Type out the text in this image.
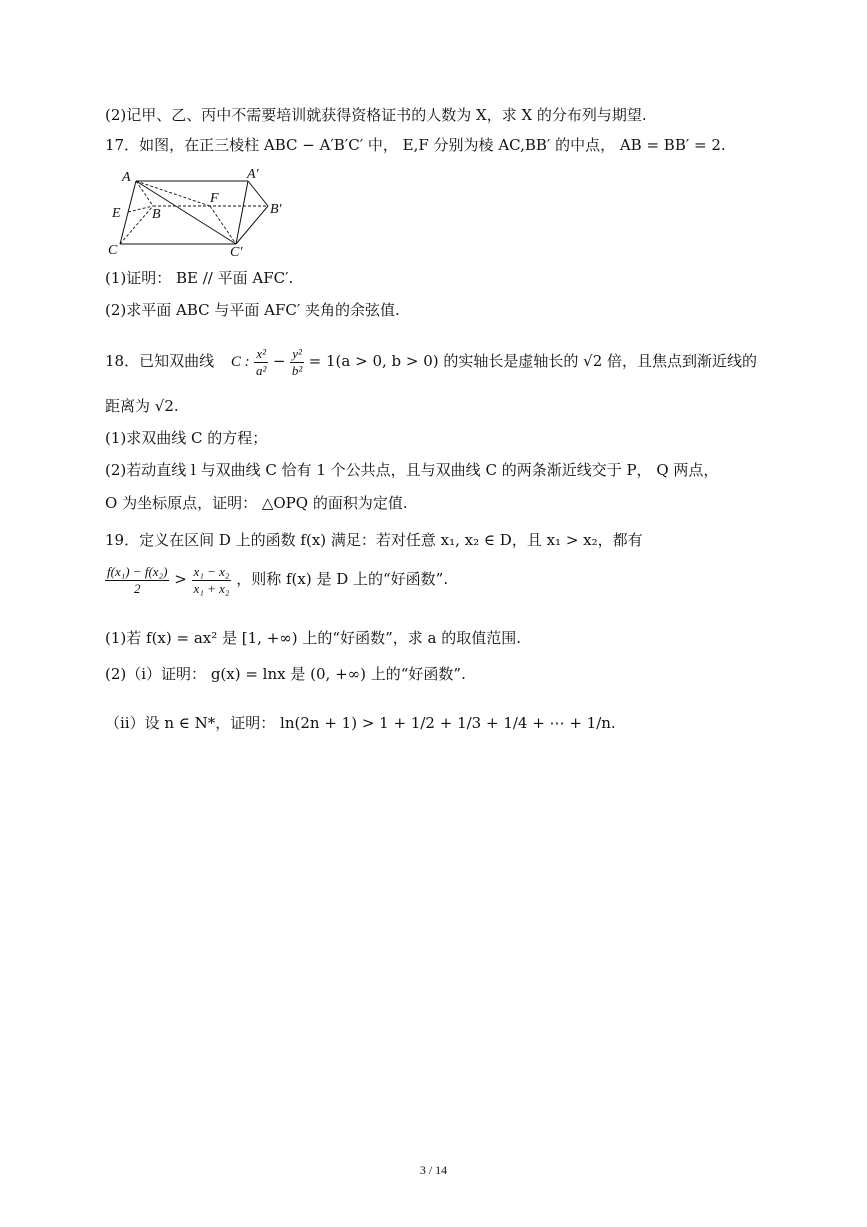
(2)记甲、乙、丙中不需要培训就获得资格证书的人数为 X，求 X 的分布列与期望.
17．如图，在正三棱柱 ABC − A′B′C′ 中， E,F 分别为棱 AC,BB′ 的中点， AB = BB′ = 2.
A	A′
B	B′
C	C′
E
F
(1)证明： BE // 平面 AFC′.
(2)求平面 ABC 与平面 AFC′ 夹角的余弦值.
18．已知双曲线 C : $\frac{\text{x²}}{\text{a²}} - \frac{\text{y²}}{\text{b²}} = 1(a > 0$, b > 0) 的实轴长是虚轴长的 √2 倍，且焦点到渐近线的
距离为 √2.
(1)求双曲线 C 的方程；
(2)若动直线 l 与双曲线 C 恰有 1 个公共点，且与双曲线 C 的两条渐近线交于 P， Q 两点，
O 为坐标原点，证明： △OPQ 的面积为定值.
19．定义在区间 D 上的函数 f(x) 满足：若对任意 x₁, x₂ ∈ D，且 x₁ > x₂，都有
$\frac{\text{f(x₁) − f(x₂)}}{2} > \frac{\text{x₁ − x₂}}{\text{x₁ + x₂}}$ ，则称 f(x) 是 D 上的“好函数”.
(1)若 f(x) = ax² 是 [1, +∞) 上的“好函数”，求 a 的取值范围.
(2)（ⅰ）证明： g(x) = lnx 是 (0, +∞) 上的“好函数”.
（ⅱ）设 n ∈ N*，证明： ln(2n + 1) > 1 + 1/2 + 1/3 + 1/4 + ⋯ + 1/n.
3 / 14
